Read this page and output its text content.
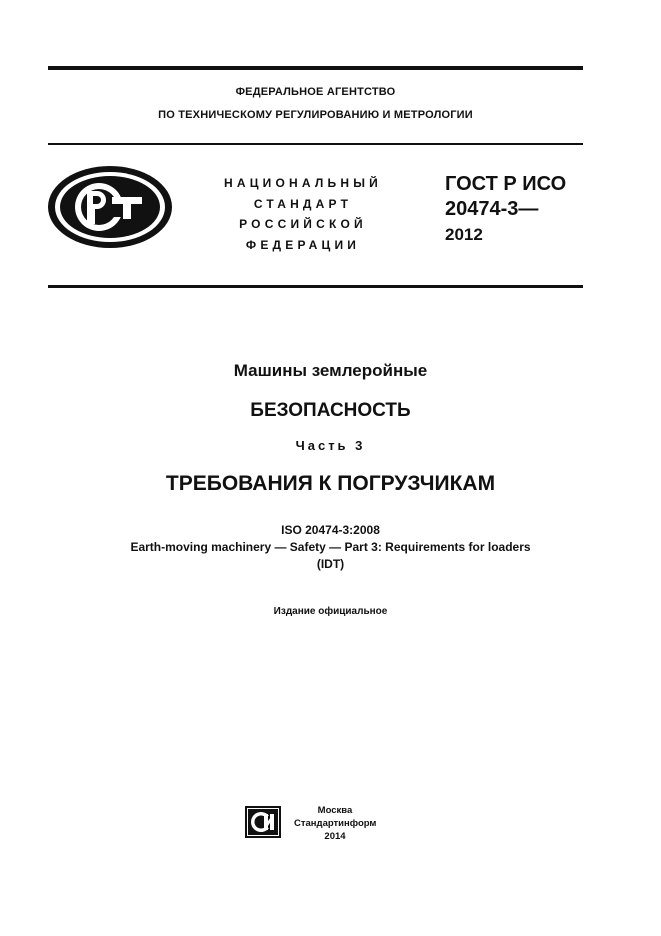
ФЕДЕРАЛЬНОЕ АГЕНТСТВО
ПО ТЕХНИЧЕСКОМУ РЕГУЛИРОВАНИЮ И МЕТРОЛОГИИ
НАЦИОНАЛЬНЫЙ
СТАНДАРТ
РОССИЙСКОЙ
ФЕДЕРАЦИИ
ГОСТ Р ИСО
20474-3—
2012
Машины землеройные
БЕЗОПАСНОСТЬ
Часть 3
ТРЕБОВАНИЯ К ПОГРУЗЧИКАМ
ISO 20474-3:2008
Earth-moving machinery — Safety — Part 3: Requirements for loaders
(IDT)
Издание официальное
Москва
Стандартинформ
2014
